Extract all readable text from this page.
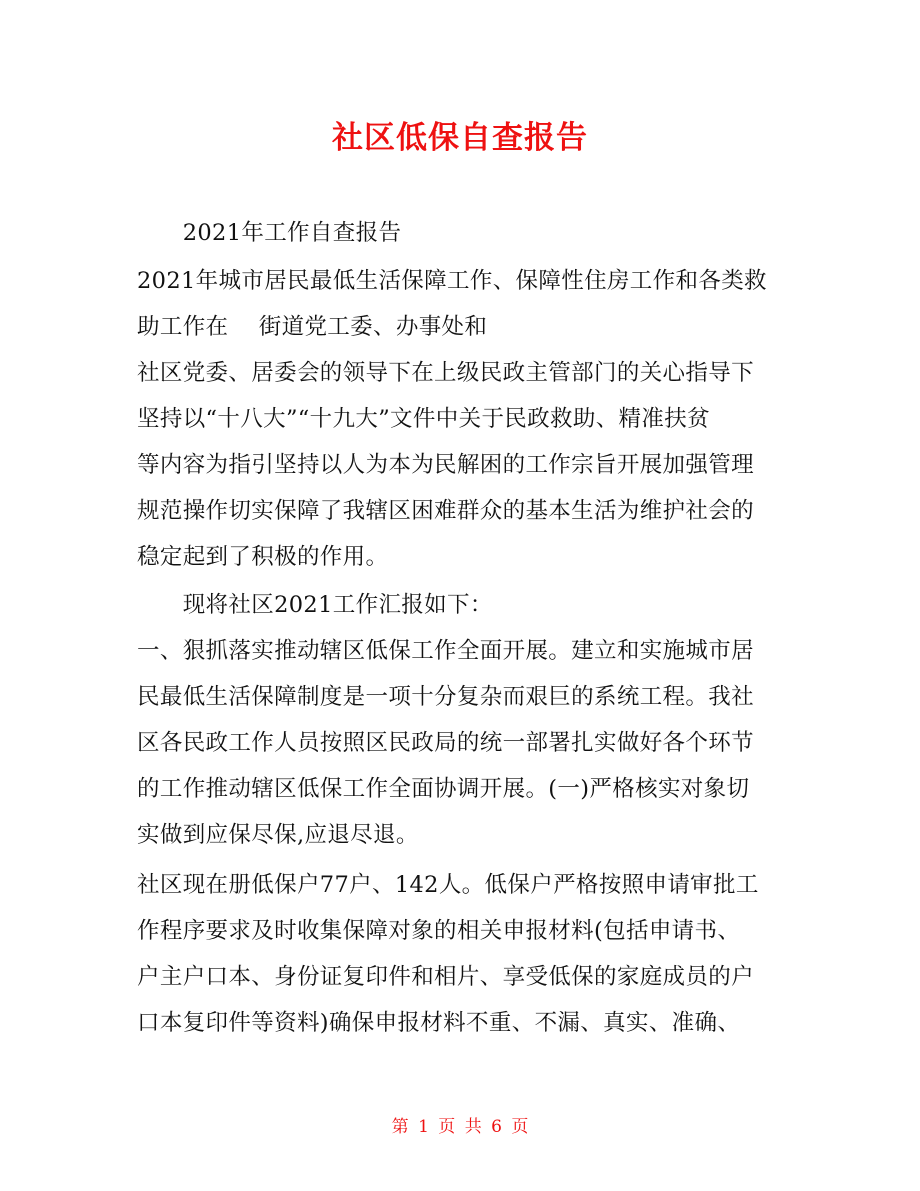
社区低保自查报告
　　2021年工作自查报告
2021年城市居民最低生活保障工作、保障性住房工作和各类救
助工作在　 街道党工委、办事处和
社区党委、居委会的领导下在上级民政主管部门的关心指导下
坚持以“十八大”“十九大”文件中关于民政救助、精准扶贫
等内容为指引坚持以人为本为民解困的工作宗旨开展加强管理
规范操作切实保障了我辖区困难群众的基本生活为维护社会的
稳定起到了积极的作用。
　　现将社区2021工作汇报如下：
一、狠抓落实推动辖区低保工作全面开展。建立和实施城市居
民最低生活保障制度是一项十分复杂而艰巨的系统工程。我社
区各民政工作人员按照区民政局的统一部署扎实做好各个环节
的工作推动辖区低保工作全面协调开展。(一)严格核实对象切
实做到应保尽保,应退尽退。
社区现在册低保户77户、142人。低保户严格按照申请审批工
作程序要求及时收集保障对象的相关申报材料(包括申请书、
户主户口本、身份证复印件和相片、享受低保的家庭成员的户
口本复印件等资料)确保申报材料不重、不漏、真实、准确、
第 1 页 共 6 页
